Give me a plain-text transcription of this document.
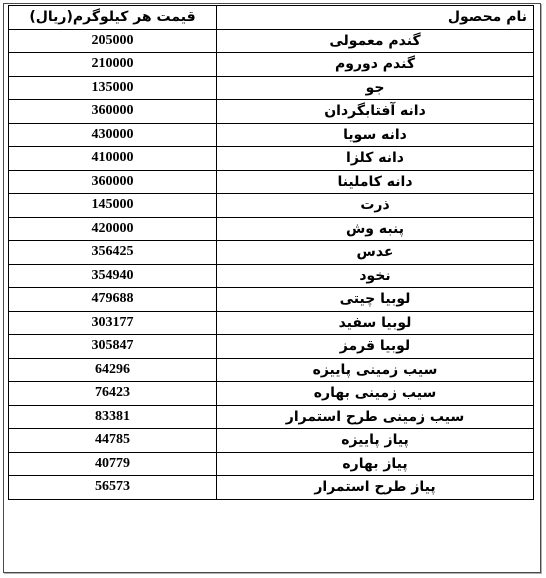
نام محصول	قیمت هر کیلوگرم(ریال)
گندم معمولی	205000
گندم دوروم	210000
جو	135000
دانه آفتابگردان	360000
دانه سویا	430000
دانه کلزا	410000
دانه کاملینا	360000
ذرت	145000
پنبه وش	420000
عدس	356425
نخود	354940
لوبیا چیتی	479688
لوبیا سفید	303177
لوبیا قرمز	305847
سیب زمینی پاییزه	64296
سیب زمینی بهاره	76423
سیب زمینی طرح استمرار	83381
پیاز پاییزه	44785
پیاز بهاره	40779
پیاز طرح استمرار	56573
